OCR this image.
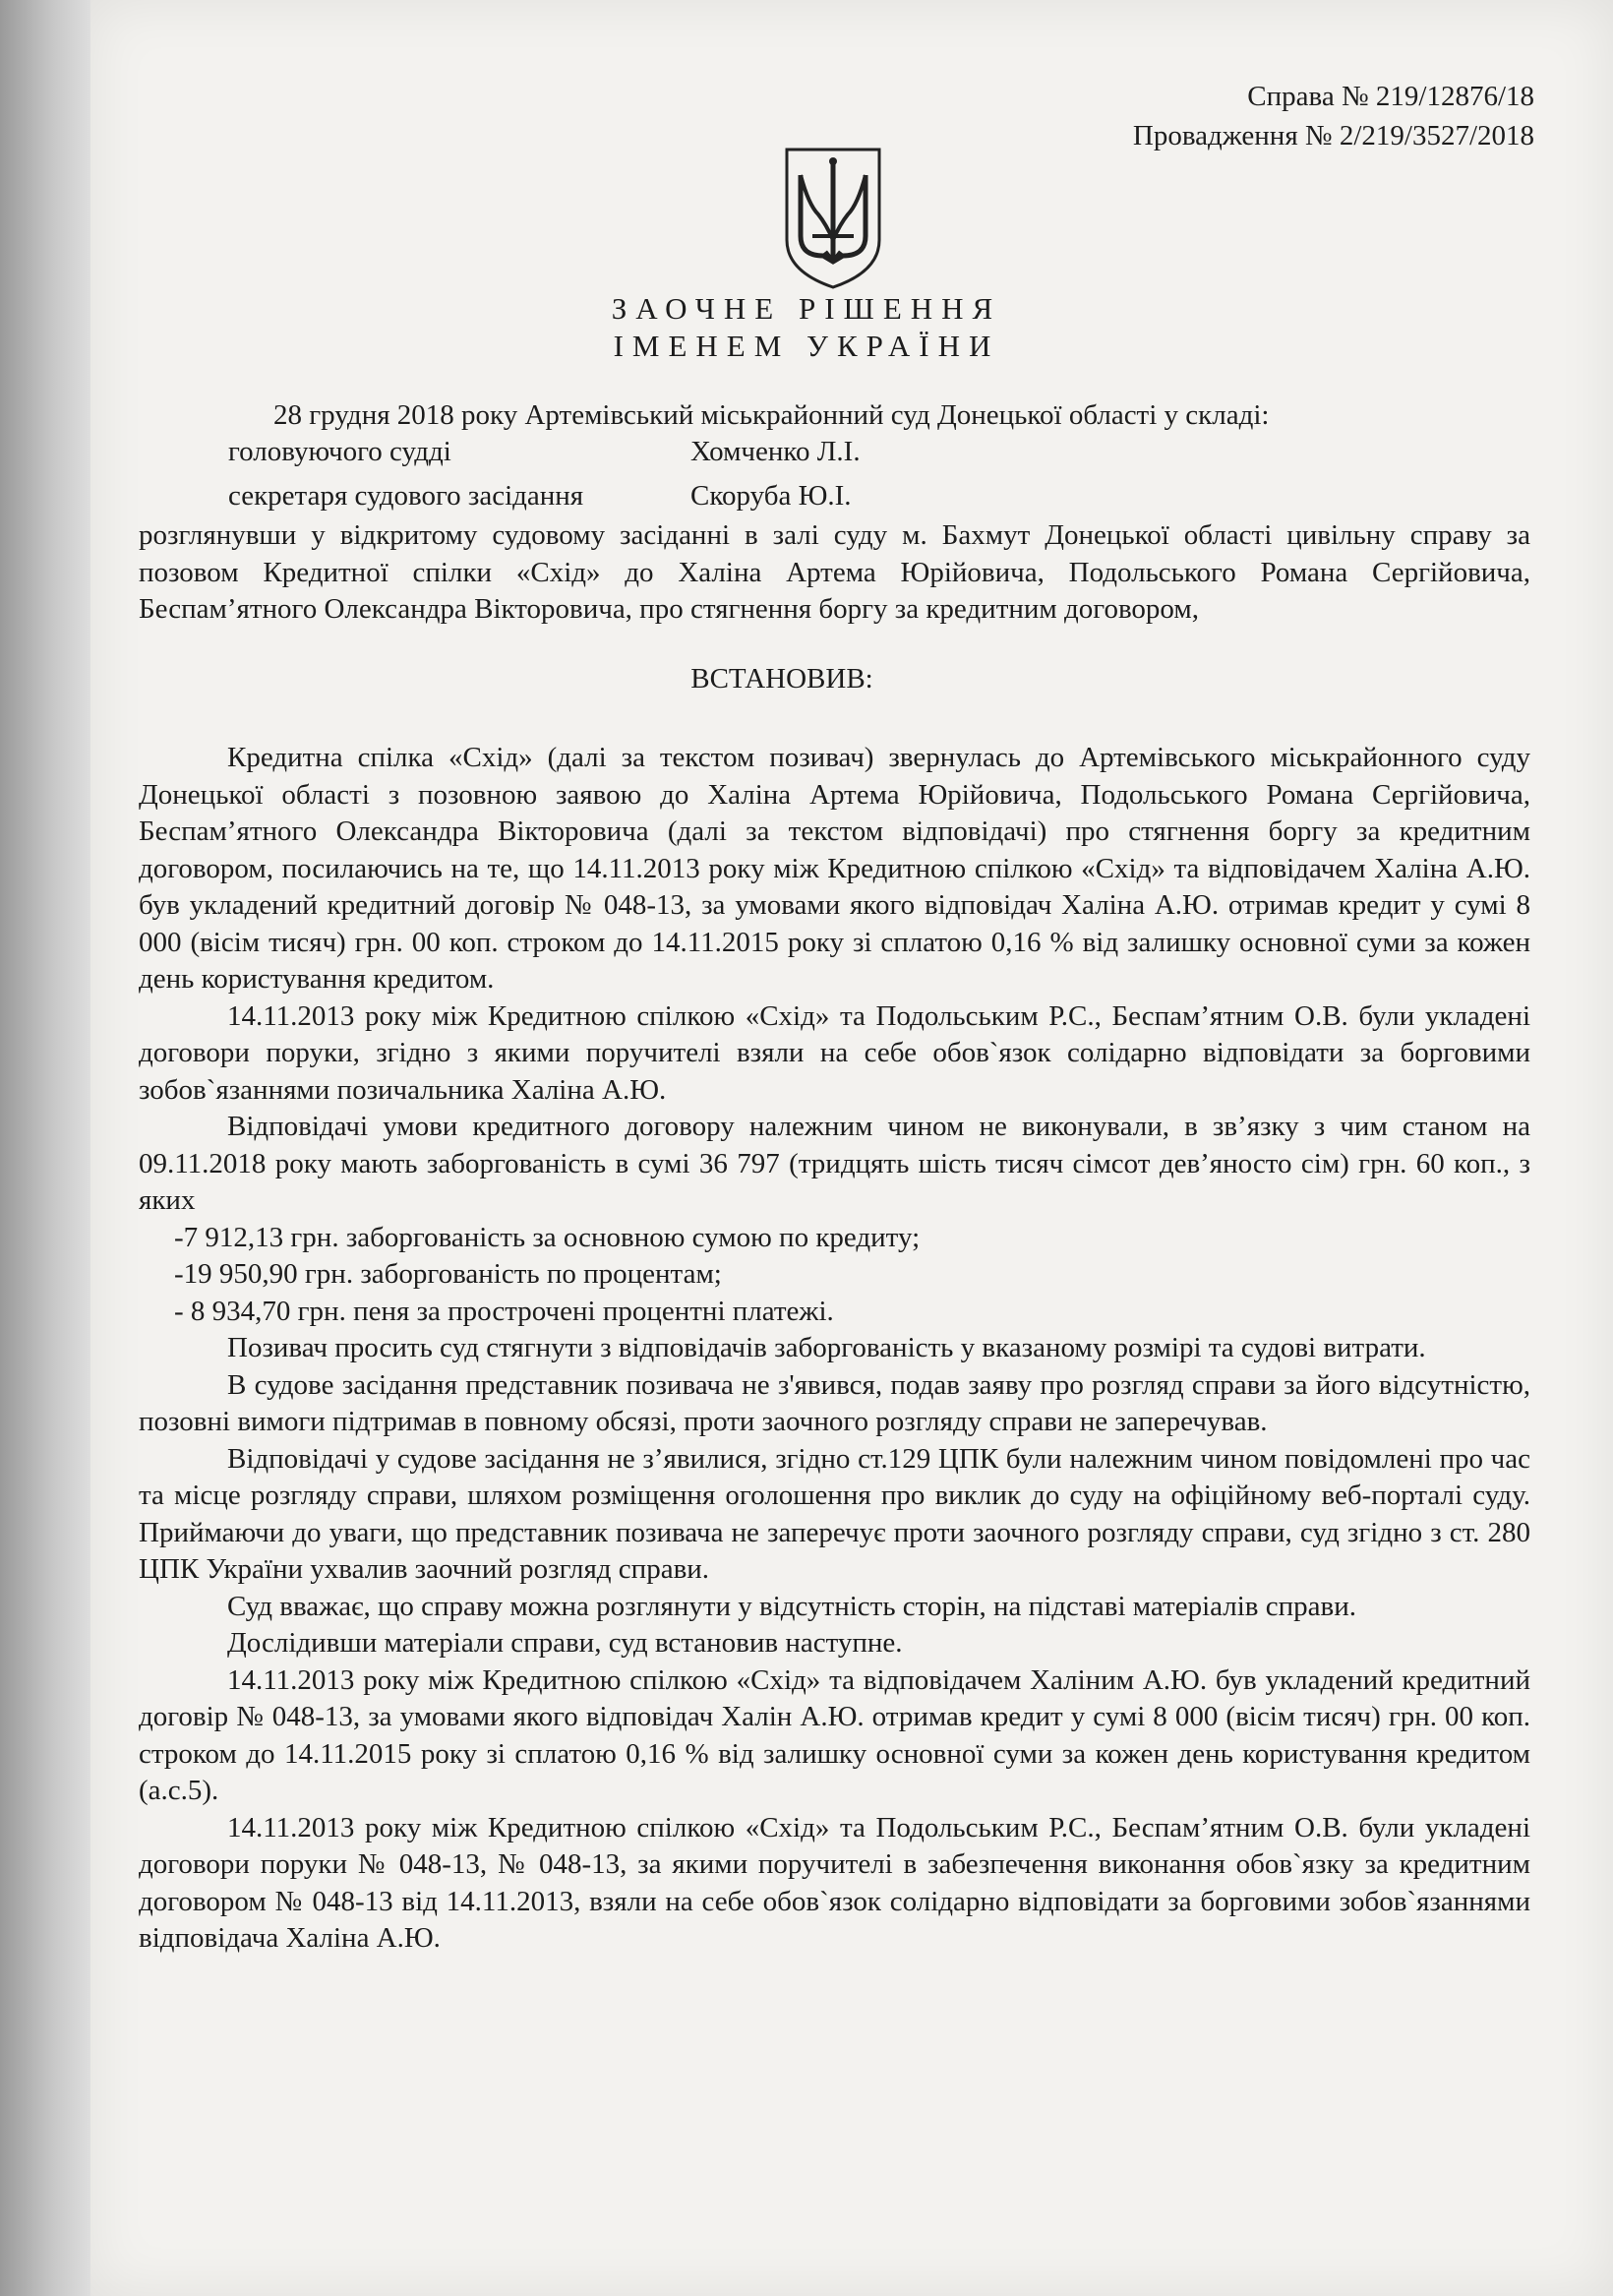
Справа № 219/12876/18
Провадження № 2/219/3527/2018
ЗАОЧНЕ РІШЕННЯ
ІМЕНЕМ УКРАЇНИ
28 грудня 2018 року Артемівський міськрайонний суд Донецької області у складі:
головуючого судді	Хомченко Л.І.
секретаря судового засідання	Скоруба Ю.І.
розглянувши у відкритому судовому засіданні в залі суду м. Бахмут Донецької області цивільну справу за позовом Кредитної спілки «Схід» до Халіна Артема Юрійовича, Подольського Романа Сергійовича, Беспам’ятного Олександра Вікторовича, про стягнення боргу за кредитним договором,
ВСТАНОВИВ:

Кредитна спілка «Схід» (далі за текстом позивач) звернулась до Артемівського міськрайонного суду Донецької області з позовною заявою до Халіна Артема Юрійовича, Подольського Романа Сергійовича, Беспам’ятного Олександра Вікторовича (далі за текстом відповідачі) про стягнення боргу за кредитним договором, посилаючись на те, що 14.11.2013 року між Кредитною спілкою «Схід» та відповідачем Халіна А.Ю. був укладений кредитний договір № 048-13, за умовами якого відповідач Халіна А.Ю. отримав кредит у сумі 8 000 (вісім тисяч) грн. 00 коп. строком до 14.11.2015 року зі сплатою 0,16 % від залишку основної суми за кожен день користування кредитом.

14.11.2013 року між Кредитною спілкою «Схід» та Подольським Р.С., Беспам’ятним О.В. були укладені договори поруки, згідно з якими поручителі взяли на себе обов`язок солідарно відповідати за борговими зобов`язаннями позичальника Халіна А.Ю.

Відповідачі умови кредитного договору належним чином не виконували, в зв’язку з чим станом на 09.11.2018 року мають заборгованість в сумі 36 797 (тридцять шість тисяч сімсот дев’яносто сім) грн. 60 коп., з яких

-7 912,13 грн. заборгованість за основною сумою по кредиту;

-19 950,90 грн. заборгованість по процентам;

- 8 934,70 грн. пеня за прострочені процентні платежі.

Позивач просить суд стягнути з відповідачів заборгованість у вказаному розмірі та судові витрати.

В судове засідання представник позивача не з'явився, подав заяву про розгляд справи за його відсутністю, позовні вимоги підтримав в повному обсязі, проти заочного розгляду справи не заперечував.

Відповідачі у судове засідання не з’явилися, згідно ст.129 ЦПК були належним чином повідомлені про час та місце розгляду справи, шляхом розміщення оголошення про виклик до суду на офіційному веб-порталі суду. Приймаючи до уваги, що представник позивача не заперечує проти заочного розгляду справи, суд згідно з ст. 280 ЦПК України ухвалив заочний розгляд справи.

Суд вважає, що справу можна розглянути у відсутність сторін, на підставі матеріалів справи.

Дослідивши матеріали справи, суд встановив наступне.

14.11.2013 року між Кредитною спілкою «Схід» та відповідачем Халіним А.Ю. був укладений кредитний договір № 048-13, за умовами якого відповідач Халін А.Ю. отримав кредит у сумі 8 000 (вісім тисяч) грн. 00 коп. строком до 14.11.2015 року зі сплатою 0,16 % від залишку основної суми за кожен день користування кредитом (а.с.5).

14.11.2013 року між Кредитною спілкою «Схід» та Подольським Р.С., Беспам’ятним О.В. були укладені договори поруки № 048-13, № 048-13, за якими поручителі в забезпечення виконання обов`язку за кредитним договором № 048-13 від 14.11.2013, взяли на себе обов`язок солідарно відповідати за борговими зобов`язаннями відповідача Халіна А.Ю.
